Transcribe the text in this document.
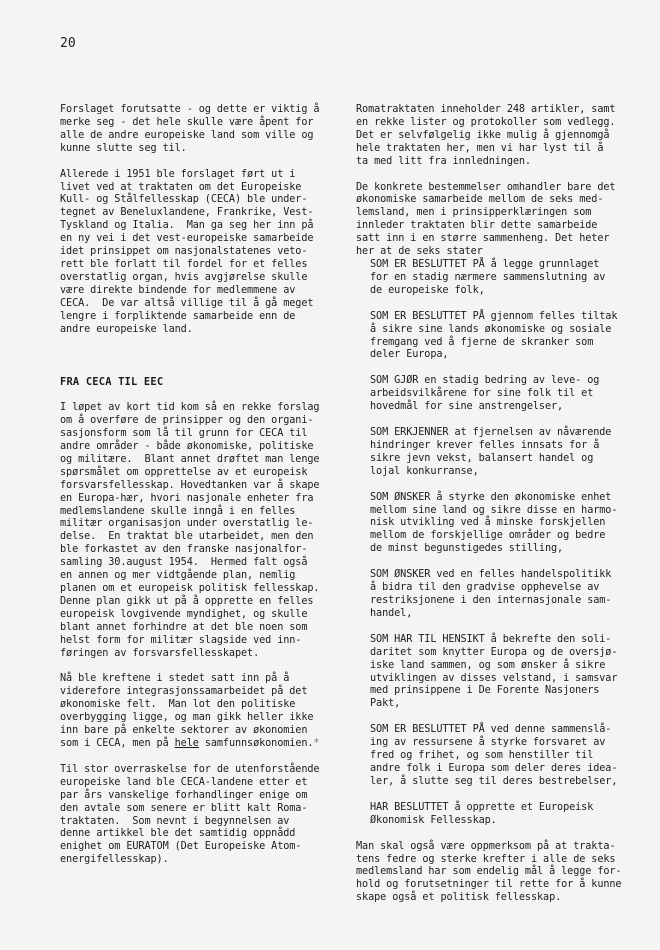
20

Forslaget forutsatte - og dette er viktig å
merke seg - det hele skulle være åpent for
alle de andre europeiske land som ville og
kunne slutte seg til.

Allerede i 1951 ble forslaget ført ut i
livet ved at traktaten om det Europeiske
Kull- og Stålfellesskap (CECA) ble under-
tegnet av Beneluxlandene, Frankrike, Vest-
Tyskland og Italia.  Man ga seg her inn på
en ny vei i det vest-europeiske samarbeide
idet prinsippet om nasjonalstatenes veto-
rett ble forlatt til fordel for et felles
overstatlig organ, hvis avgjørelse skulle
være direkte bindende for medlemmene av
CECA.  De var altså villige til å gå meget
lengre i forpliktende samarbeide enn de
andre europeiske land.

FRA CECA TIL EEC

I løpet av kort tid kom så en rekke forslag
om å overføre de prinsipper og den organi-
sasjonsform som lå til grunn for CECA til
andre områder - både økonomiske, politiske
og militære.  Blant annet drøftet man lenge
spørsmålet om opprettelse av et europeisk
forsvarsfellesskap. Hovedtanken var å skape
en Europa-hær, hvori nasjonale enheter fra
medlemslandene skulle inngå i en felles
militær organisasjon under overstatlig le-
delse.  En traktat ble utarbeidet, men den
ble forkastet av den franske nasjonalfor-
samling 30.august 1954.  Hermed falt også
en annen og mer vidtgående plan, nemlig
planen om et europeisk politisk fellesskap.
Denne plan gikk ut på å opprette en felles
europeisk lovgivende myndighet, og skulle
blant annet forhindre at det ble noen som
helst form for militær slagside ved inn-
føringen av forsvarsfellesskapet.

Nå ble kreftene i stedet satt inn på å
viderefore integrasjonssamarbeidet på det
økonomiske felt.  Man lot den politiske
overbygging ligge, og man gikk heller ikke
inn bare på enkelte sektorer av økonomien
som i CECA, men på hele samfunnsøkonomien.*

Til stor overraskelse for de utenforstående
europeiske land ble CECA-landene etter et
par års vanskelige forhandlinger enige om
den avtale som senere er blitt kalt Roma-
traktaten.  Som nevnt i begynnelsen av
denne artikkel ble det samtidig oppnådd
enighet om EURATOM (Det Europeiske Atom-
energifellesskap).

Romatraktaten inneholder 248 artikler, samt
en rekke lister og protokoller som vedlegg.
Det er selvfølgelig ikke mulig å gjennomgå
hele traktaten her, men vi har lyst til å
ta med litt fra innledningen.

De konkrete bestemmelser omhandler bare det
økonomiske samarbeide mellom de seks med-
lemsland, men i prinsipperklæringen som
innleder traktaten blir dette samarbeide
satt inn i en større sammenheng. Det heter
her at de seks stater

SOM ER BESLUTTET PÅ å legge grunnlaget
for en stadig nærmere sammenslutning av
de europeiske folk,
SOM ER BESLUTTET PÅ gjennom felles tiltak
å sikre sine lands økonomiske og sosiale
fremgang ved å fjerne de skranker som
deler Europa,
SOM GJØR en stadig bedring av leve- og
arbeidsvilkårene for sine folk til et
hovedmål for sine anstrengelser,
SOM ERKJENNER at fjernelsen av nåværende
hindringer krever felles innsats for å
sikre jevn vekst, balansert handel og
lojal konkurranse,
SOM ØNSKER å styrke den økonomiske enhet
mellom sine land og sikre disse en harmo-
nisk utvikling ved å minske forskjellen
mellom de forskjellige områder og bedre
de minst begunstigedes stilling,
SOM ØNSKER ved en felles handelspolitikk
å bidra til den gradvise opphevelse av
restriksjonene i den internasjonale sam-
handel,
SOM HAR TIL HENSIKT å bekrefte den soli-
daritet som knytter Europa og de oversjø-
iske land sammen, og som ønsker å sikre
utviklingen av disses velstand, i samsvar
med prinsippene i De Forente Nasjoners
Pakt,
SOM ER BESLUTTET PÅ ved denne sammenslå-
ing av ressursene å styrke forsvaret av
fred og frihet, og som henstiller til
andre folk i Europa som deler deres idea-
ler, å slutte seg til deres bestrebelser,
HAR BESLUTTET å opprette et Europeisk
Økonomisk Fellesskap.

Man skal også være oppmerksom på at trakta-
tens fedre og sterke krefter i alle de seks
medlemsland har som endelig mål å legge for-
hold og forutsetninger til rette for å kunne
skape også et politisk fellesskap.
